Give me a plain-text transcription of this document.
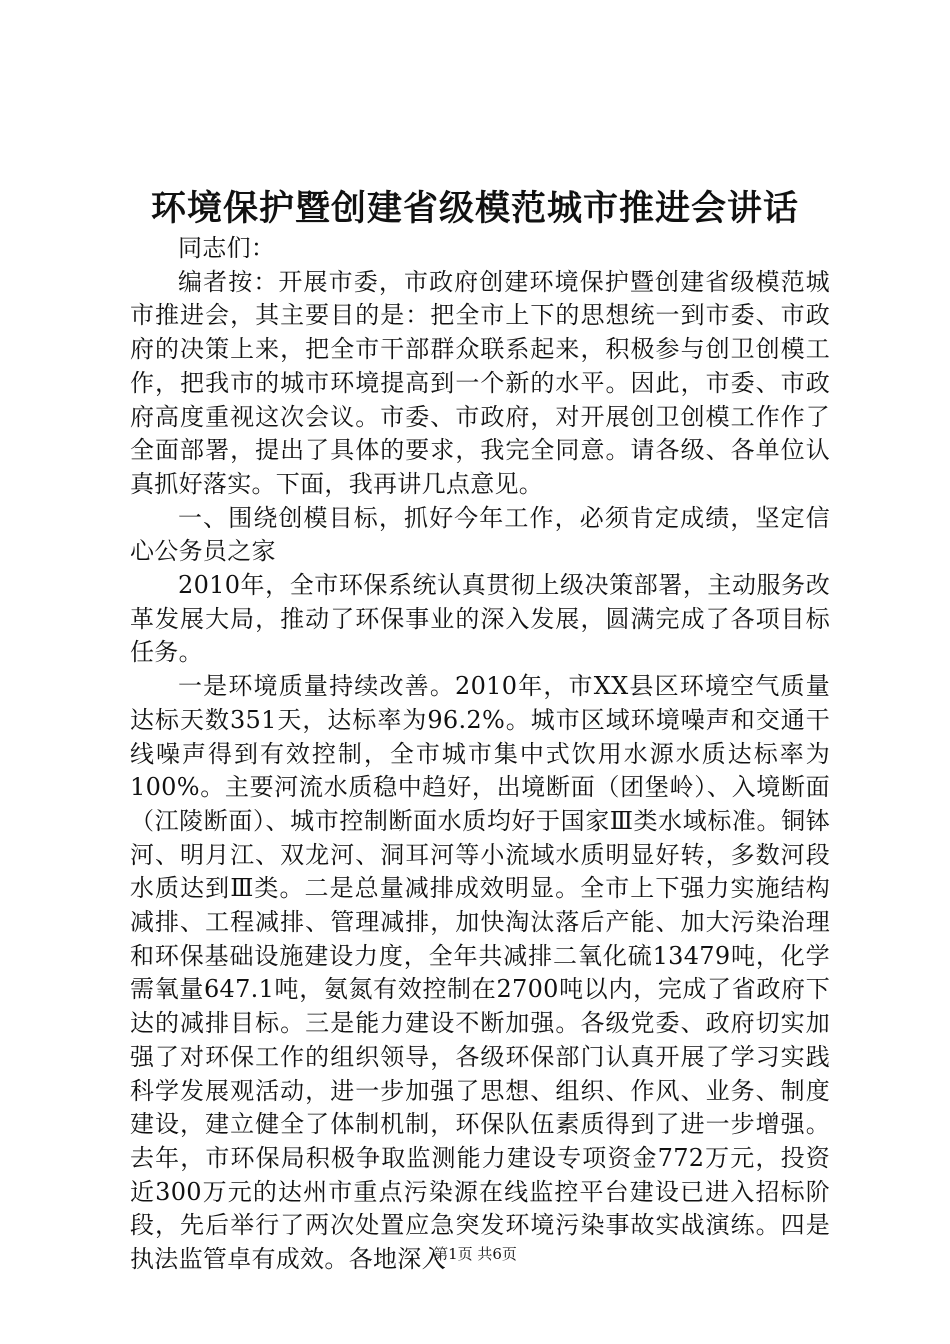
环境保护暨创建省级模范城市推进会讲话

同志们：

编者按：开展市委，市政府创建环境保护暨创建省级模范城市推进会，其主要目的是：把全市上下的思想统一到市委、市政府的决策上来，把全市干部群众联系起来，积极参与创卫创模工作，把我市的城市环境提高到一个新的水平。因此，市委、市政府高度重视这次会议。市委、市政府，对开展创卫创模工作作了全面部署，提出了具体的要求，我完全同意。请各级、各单位认真抓好落实。下面，我再讲几点意见。

一、围绕创模目标，抓好今年工作，必须肯定成绩，坚定信心公务员之家

2010年，全市环保系统认真贯彻上级决策部署，主动服务改革发展大局，推动了环保事业的深入发展，圆满完成了各项目标任务。

一是环境质量持续改善。2010年，市XX县区环境空气质量达标天数351天，达标率为96.2%。城市区域环境噪声和交通干线噪声得到有效控制，全市城市集中式饮用水源水质达标率为100%。主要河流水质稳中趋好，出境断面（团堡岭）、入境断面（江陵断面）、城市控制断面水质均好于国家Ⅲ类水域标准。铜钵河、明月江、双龙河、洞耳河等小流域水质明显好转，多数河段水质达到Ⅲ类。二是总量减排成效明显。全市上下强力实施结构减排、工程减排、管理减排，加快淘汰落后产能、加大污染治理和环保基础设施建设力度，全年共减排二氧化硫13479吨，化学需氧量647.1吨，氨氮有效控制在2700吨以内，完成了省政府下达的减排目标。三是能力建设不断加强。各级党委、政府切实加强了对环保工作的组织领导，各级环保部门认真开展了学习实践科学发展观活动，进一步加强了思想、组织、作风、业务、制度建设，建立健全了体制机制，环保队伍素质得到了进一步增强。去年，市环保局积极争取监测能力建设专项资金772万元，投资近300万元的达州市重点污染源在线监控平台建设已进入招标阶段，先后举行了两次处置应急突发环境污染事故实战演练。四是执法监管卓有成效。各地深入

第1页 共6页
